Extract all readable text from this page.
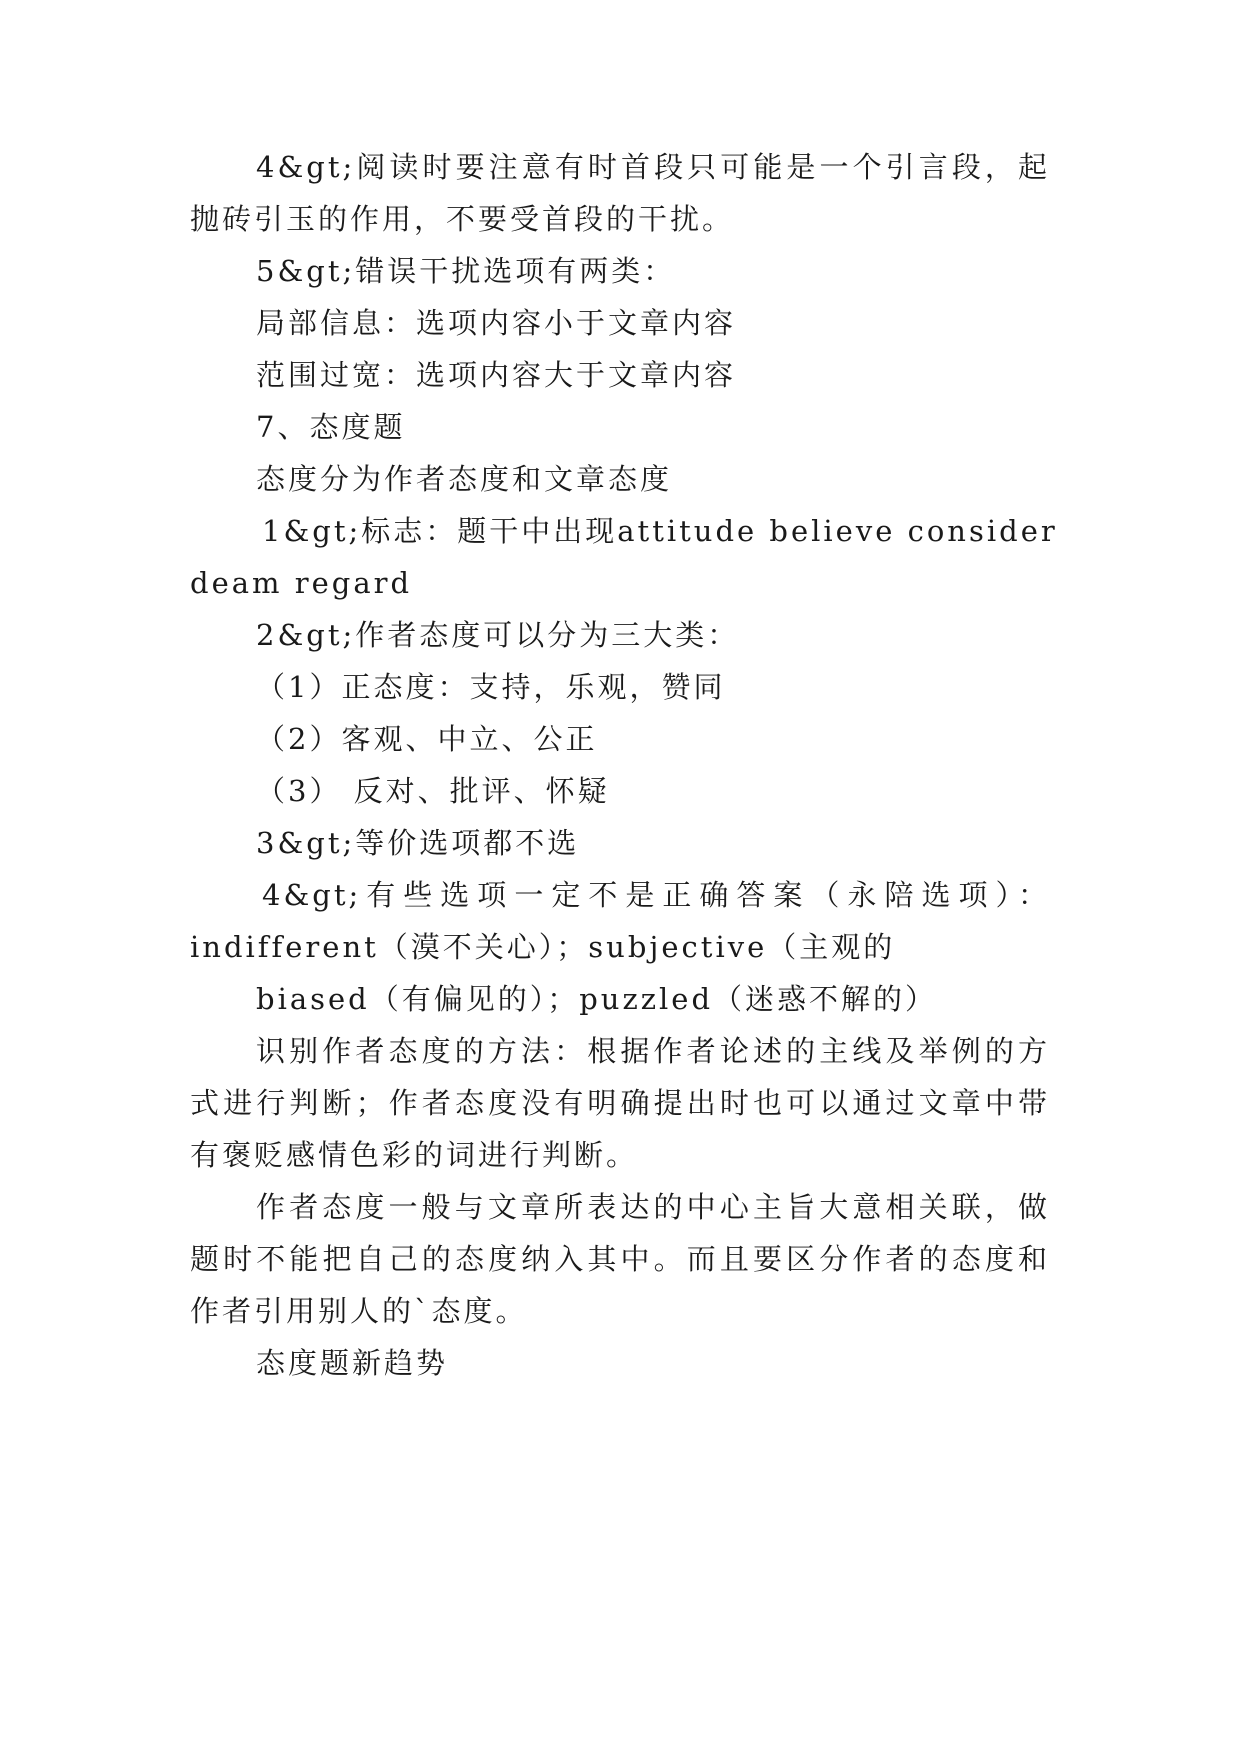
4&gt;阅读时要注意有时首段只可能是一个引言段，起
抛砖引玉的作用，不要受首段的干扰。
5&gt;错误干扰选项有两类：
局部信息：选项内容小于文章内容
范围过宽：选项内容大于文章内容
7、态度题
态度分为作者态度和文章态度
1&gt;标志：题干中出现attitude believe consider
deam regard
2&gt;作者态度可以分为三大类：
（1）正态度：支持，乐观，赞同
（2）客观、中立、公正
（3） 反对、批评、怀疑
3&gt;等价选项都不选
4&gt;有些选项一定不是正确答案（永陪选项）：
indifferent（漠不关心）；subjective（主观的
biased（有偏见的）；puzzled（迷惑不解的）
识别作者态度的方法：根据作者论述的主线及举例的方
式进行判断；作者态度没有明确提出时也可以通过文章中带
有褒贬感情色彩的词进行判断。
作者态度一般与文章所表达的中心主旨大意相关联，做
题时不能把自己的态度纳入其中。而且要区分作者的态度和
作者引用别人的`态度。
态度题新趋势
